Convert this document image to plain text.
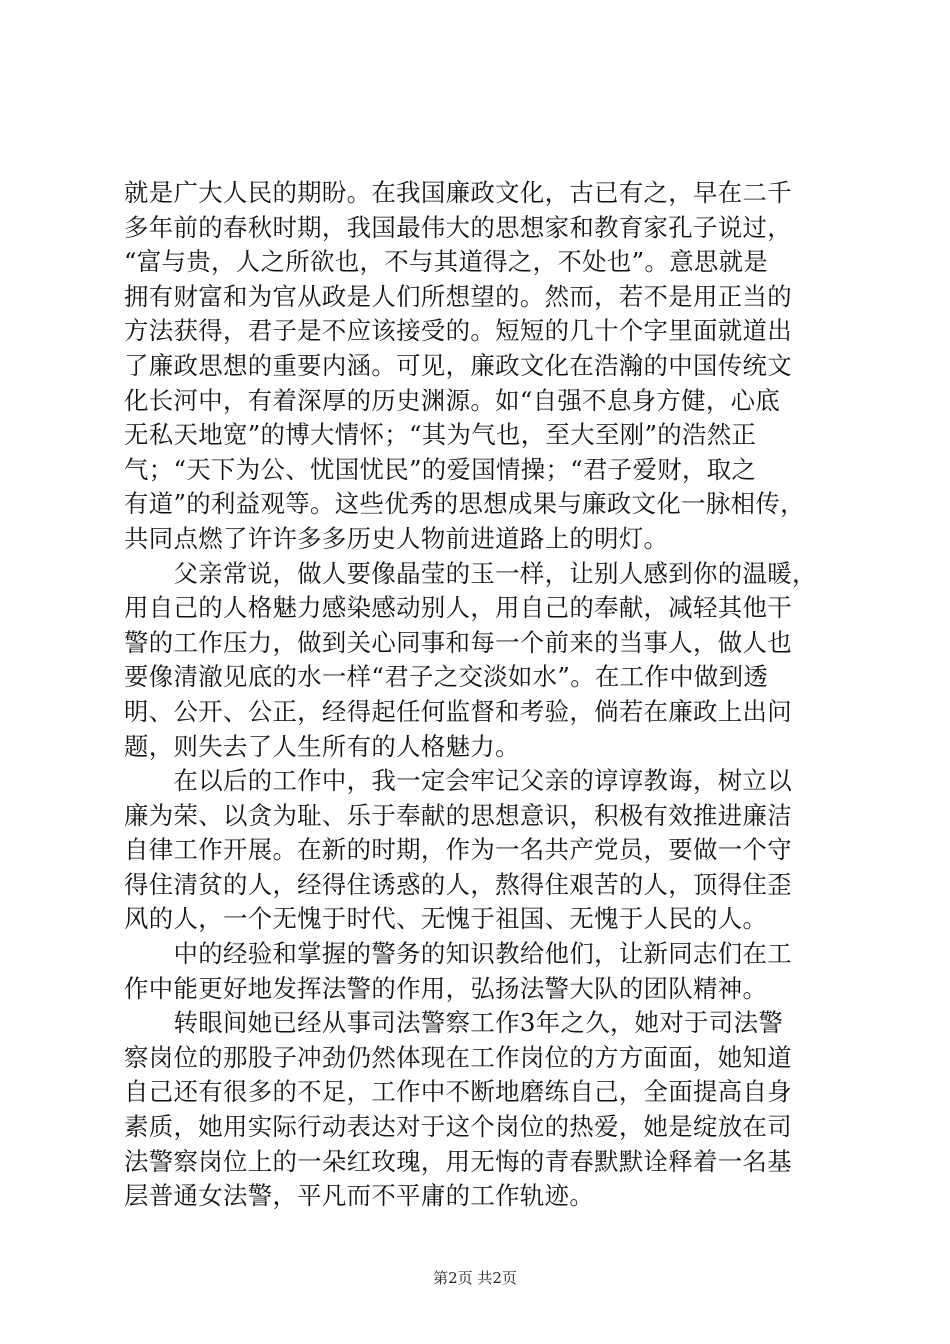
就是广大人民的期盼。在我国廉政文化，古已有之，早在二千
多年前的春秋时期，我国最伟大的思想家和教育家孔子说过，
“富与贵，人之所欲也，不与其道得之，不处也”。意思就是
拥有财富和为官从政是人们所想望的。然而，若不是用正当的
方法获得，君子是不应该接受的。短短的几十个字里面就道出
了廉政思想的重要内涵。可见，廉政文化在浩瀚的中国传统文
化长河中，有着深厚的历史渊源。如“自强不息身方健，心底
无私天地宽”的博大情怀；“其为气也，至大至刚”的浩然正
气；“天下为公、忧国忧民”的爱国情操；“君子爱财，取之
有道”的利益观等。这些优秀的思想成果与廉政文化一脉相传，
共同点燃了许许多多历史人物前进道路上的明灯。
　　父亲常说，做人要像晶莹的玉一样，让别人感到你的温暖，
用自己的人格魅力感染感动别人，用自己的奉献，减轻其他干
警的工作压力，做到关心同事和每一个前来的当事人，做人也
要像清澈见底的水一样“君子之交淡如水”。在工作中做到透
明、公开、公正，经得起任何监督和考验，倘若在廉政上出问
题，则失去了人生所有的人格魅力。
　　在以后的工作中，我一定会牢记父亲的谆谆教诲，树立以
廉为荣、以贪为耻、乐于奉献的思想意识，积极有效推进廉洁
自律工作开展。在新的时期，作为一名共产党员，要做一个守
得住清贫的人，经得住诱惑的人，熬得住艰苦的人，顶得住歪
风的人，一个无愧于时代、无愧于祖国、无愧于人民的人。
　　中的经验和掌握的警务的知识教给他们，让新同志们在工
作中能更好地发挥法警的作用，弘扬法警大队的团队精神。
　　转眼间她已经从事司法警察工作3年之久，她对于司法警
察岗位的那股子冲劲仍然体现在工作岗位的方方面面，她知道
自己还有很多的不足，工作中不断地磨练自己，全面提高自身
素质，她用实际行动表达对于这个岗位的热爱，她是绽放在司
法警察岗位上的一朵红玫瑰，用无悔的青春默默诠释着一名基
层普通女法警，平凡而不平庸的工作轨迹。
第2页 共2页
